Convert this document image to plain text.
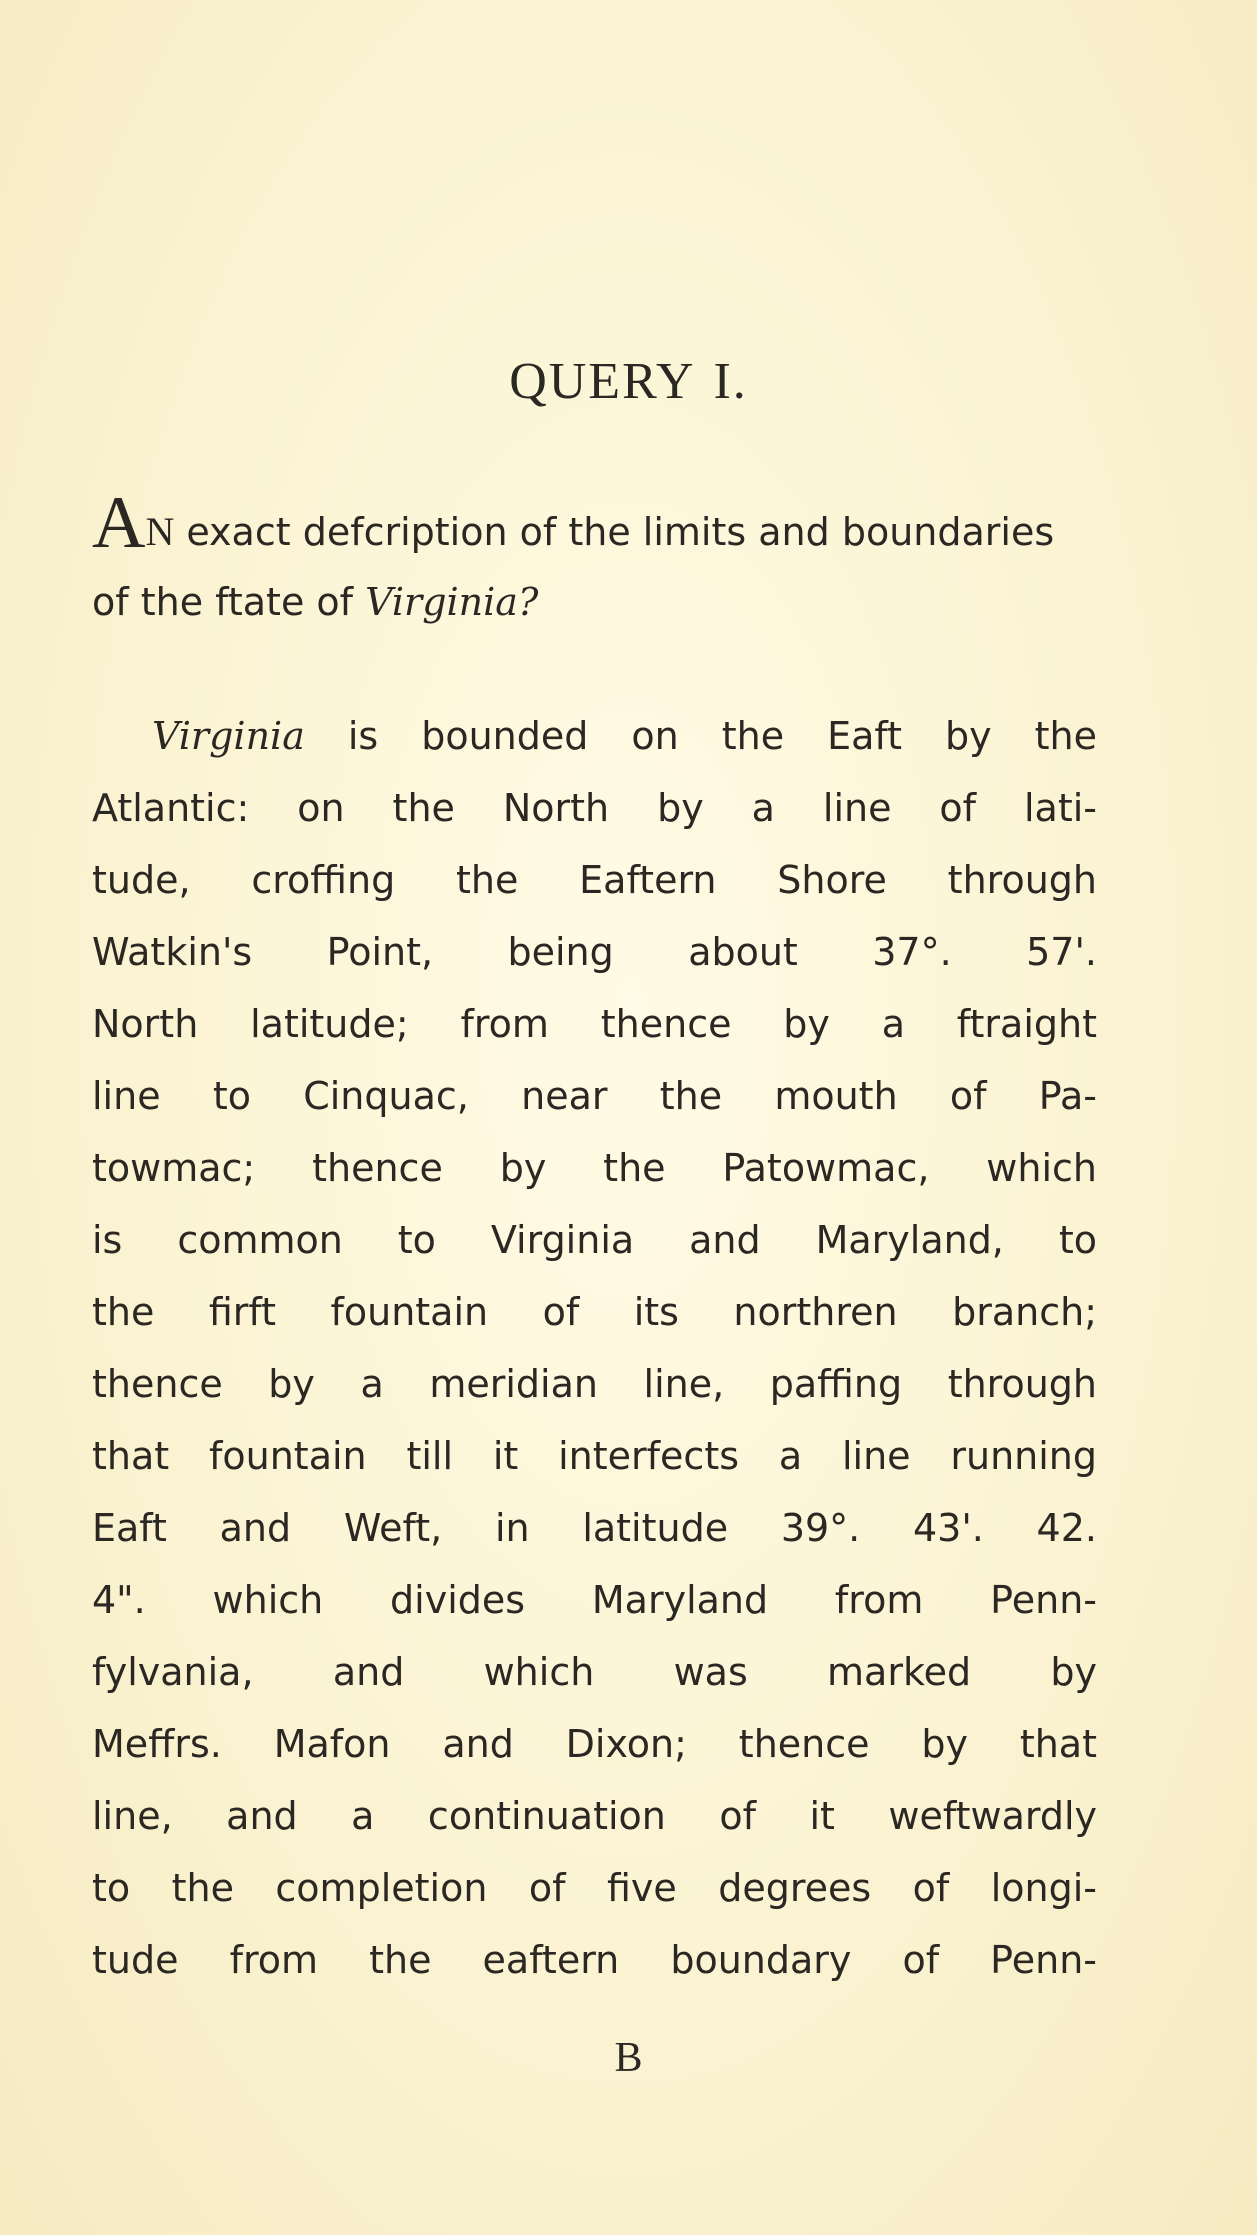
QUERY I.
AN exact defcription of the limits and boundaries of the ftate of Virginia?
Virginia is bounded on the Eaft by the
Atlantic: on the North by a line of lati-
tude, croffing the Eaftern Shore through
Watkin's Point, being about 37°. 57'.
North latitude; from thence by a ftraight
line to Cinquac, near the mouth of Pa-
towmac; thence by the Patowmac, which
is common to Virginia and Maryland, to
the firft fountain of its northren branch;
thence by a meridian line, paffing through
that fountain till it interfects a line running
Eaft and Weft, in latitude 39°. 43'. 42.
4". which divides Maryland from Penn-
fylvania, and which was marked by
Meffrs. Mafon and Dixon; thence by that
line, and a continuation of it weftwardly
to the completion of five degrees of longi-
tude from the eaftern boundary of Penn-
B
